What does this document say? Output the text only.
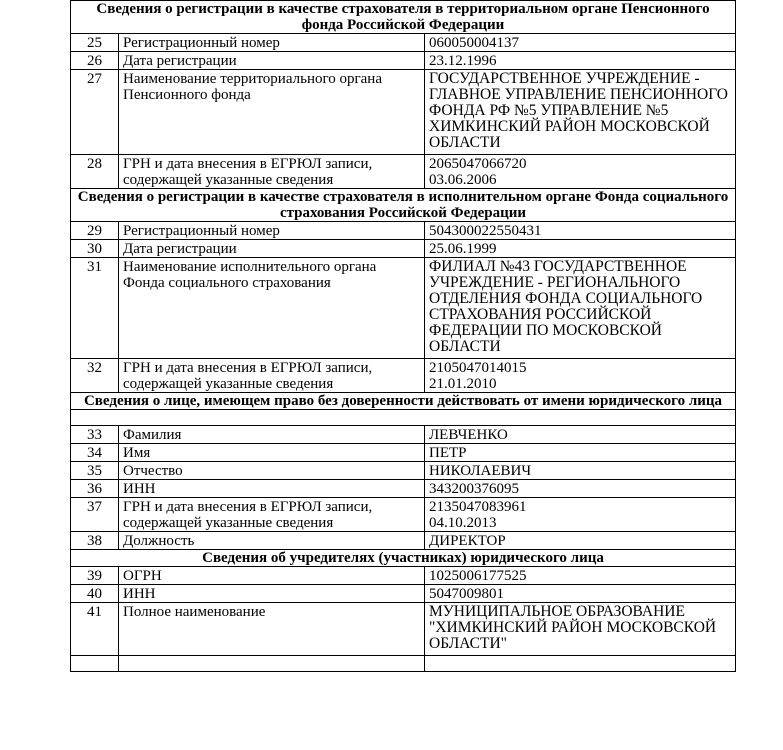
Сведения о регистрации в качестве страхователя в территориальном органе Пенсионного фонда Российской Федерации		
25	Регистрационный номер	060050004137
26	Дата регистрации	23.12.1996
27	Наименование территориального органа Пенсионного фонда	ГОСУДАРСТВЕННОЕ УЧРЕЖДЕНИЕ - ГЛАВНОЕ УПРАВЛЕНИЕ ПЕНСИОННОГО ФОНДА РФ №5 УПРАВЛЕНИЕ №5 ХИМКИНСКИЙ РАЙОН МОСКОВСКОЙ ОБЛАСТИ
28	ГРН и дата внесения в ЕГРЮЛ записи, содержащей указанные сведения	2065047066720
03.06.2006
Сведения о регистрации в качестве страхователя в исполнительном органе Фонда социального страхования Российской Федерации		
29	Регистрационный номер	504300022550431
30	Дата регистрации	25.06.1999
31	Наименование исполнительного органа Фонда социального страхования	ФИЛИАЛ №43 ГОСУДАРСТВЕННОЕ УЧРЕЖДЕНИЕ - РЕГИОНАЛЬНОГО ОТДЕЛЕНИЯ ФОНДА СОЦИАЛЬНОГО СТРАХОВАНИЯ РОССИЙСКОЙ ФЕДЕРАЦИИ ПО МОСКОВСКОЙ ОБЛАСТИ
32	ГРН и дата внесения в ЕГРЮЛ записи, содержащей указанные сведения	2105047014015
21.01.2010
Сведения о лице, имеющем право без доверенности действовать от имени юридического лица		

33	Фамилия	ЛЕВЧЕНКО
34	Имя	ПЕТР
35	Отчество	НИКОЛАЕВИЧ
36	ИНН	343200376095
37	ГРН и дата внесения в ЕГРЮЛ записи, содержащей указанные сведения	2135047083961
04.10.2013
38	Должность	ДИРЕКТОР
Сведения об учредителях (участниках) юридического лица		
39	ОГРН	1025006177525
40	ИНН	5047009801
41	Полное наименование	МУНИЦИПАЛЬНОЕ ОБРАЗОВАНИЕ "ХИМКИНСКИЙ РАЙОН МОСКОВСКОЙ ОБЛАСТИ"
